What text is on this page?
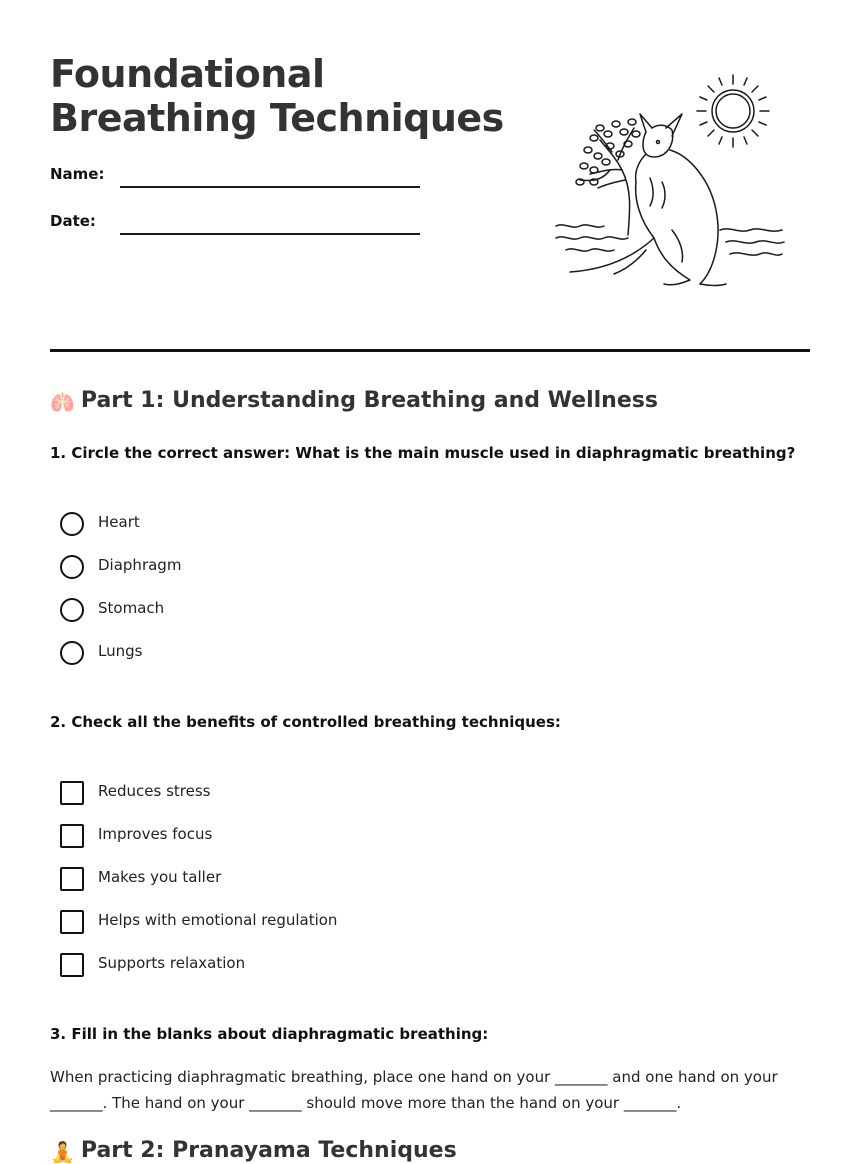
Foundational Breathing Techniques
Name:
Date:
🫁 Part 1: Understanding Breathing and Wellness
1. Circle the correct answer: What is the main muscle used in diaphragmatic breathing?
Heart
Diaphragm
Stomach
Lungs
2. Check all the benefits of controlled breathing techniques:
Reduces stress
Improves focus
Makes you taller
Helps with emotional regulation
Supports relaxation
3. Fill in the blanks about diaphragmatic breathing:
When practicing diaphragmatic breathing, place one hand on your _______ and one hand on your _______. The hand on your _______ should move more than the hand on your _______.
🧘 Part 2: Pranayama Techniques
